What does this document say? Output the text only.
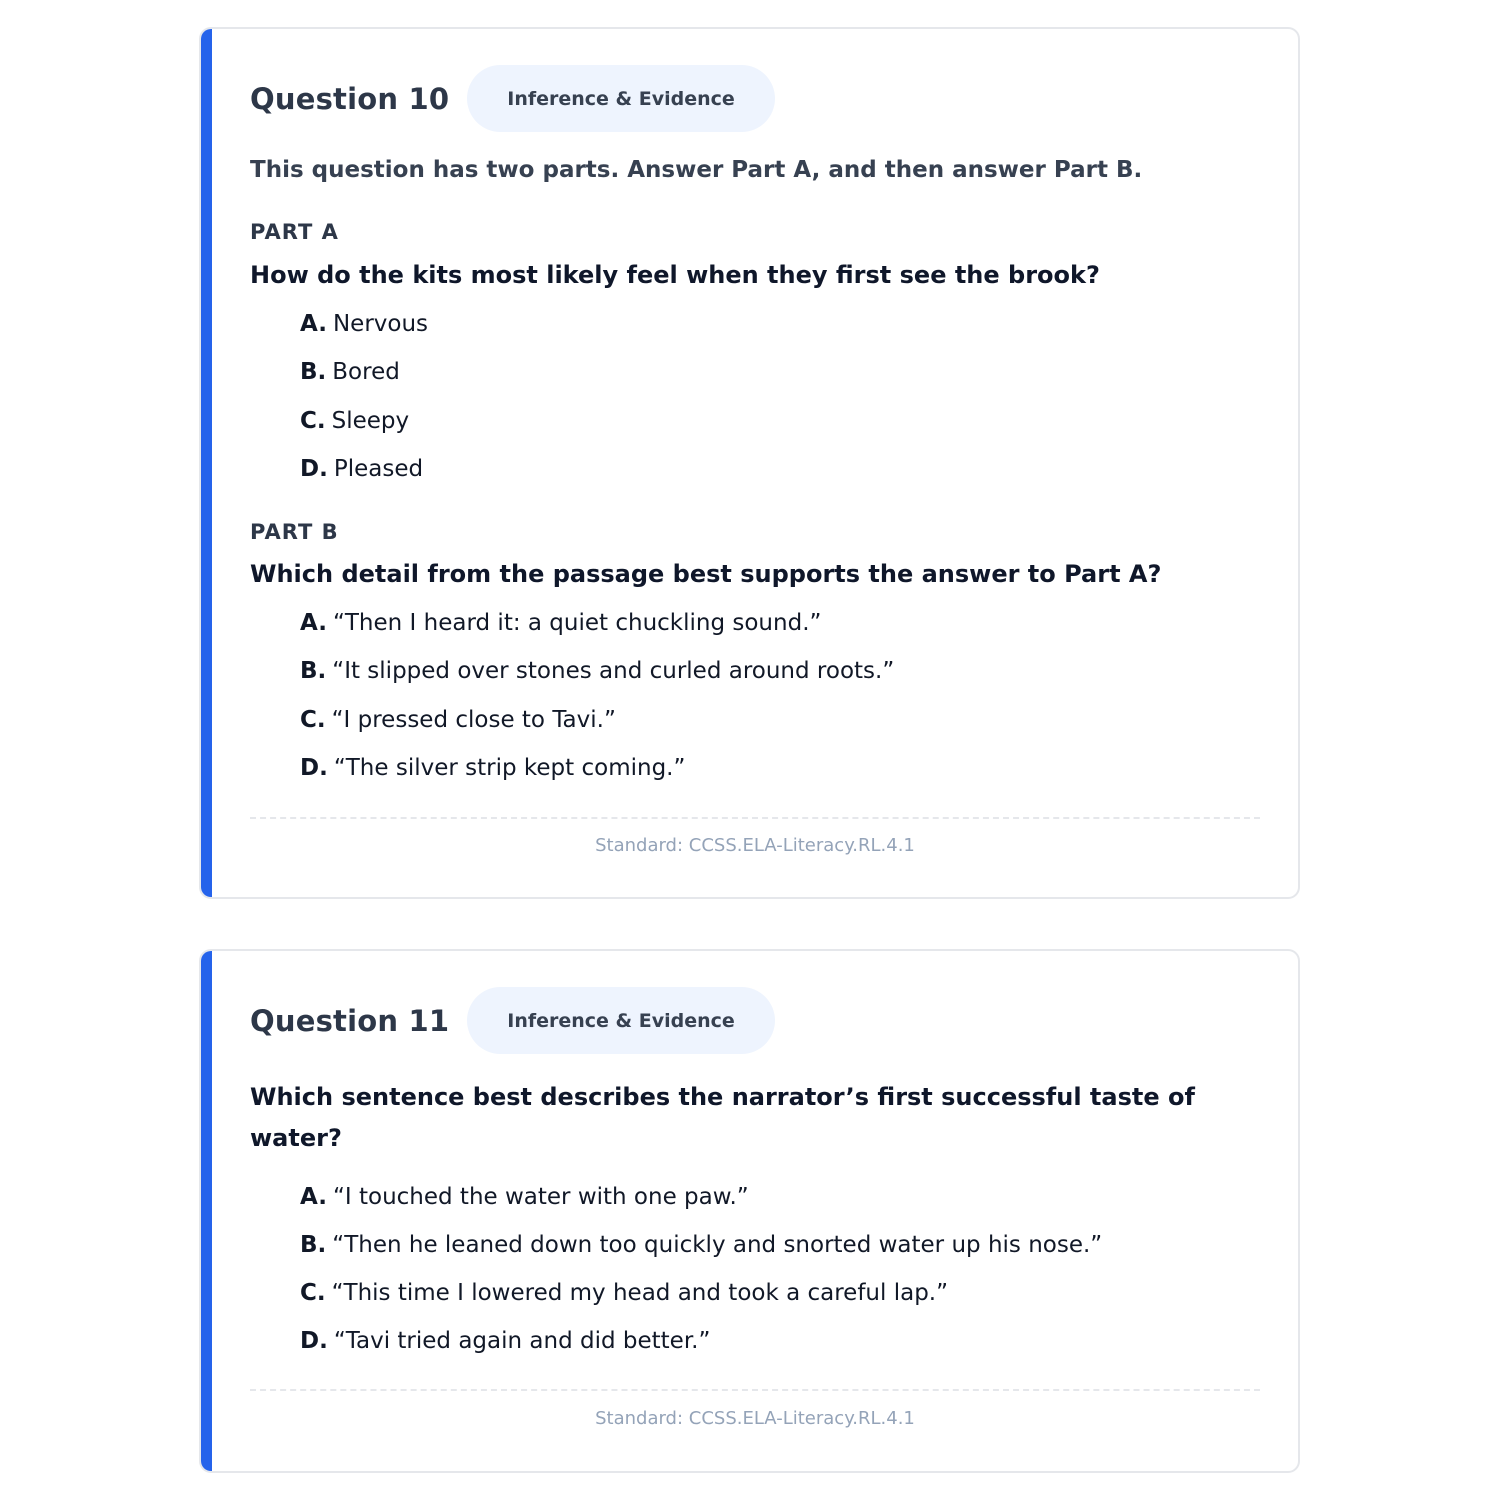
Question 10	Inference & Evidence
This question has two parts. Answer Part A, and then answer Part B.
PART A
How do the kits most likely feel when they first see the brook?
A. Nervous
B. Bored
C. Sleepy
D. Pleased
PART B
Which detail from the passage best supports the answer to Part A?
A. “Then I heard it: a quiet chuckling sound.”
B. “It slipped over stones and curled around roots.”
C. “I pressed close to Tavi.”
D. “The silver strip kept coming.”
Standard: CCSS.ELA-Literacy.RL.4.1
Question 11	Inference & Evidence
Which sentence best describes the narrator’s first successful taste of water?
A. “I touched the water with one paw.”
B. “Then he leaned down too quickly and snorted water up his nose.”
C. “This time I lowered my head and took a careful lap.”
D. “Tavi tried again and did better.”
Standard: CCSS.ELA-Literacy.RL.4.1
